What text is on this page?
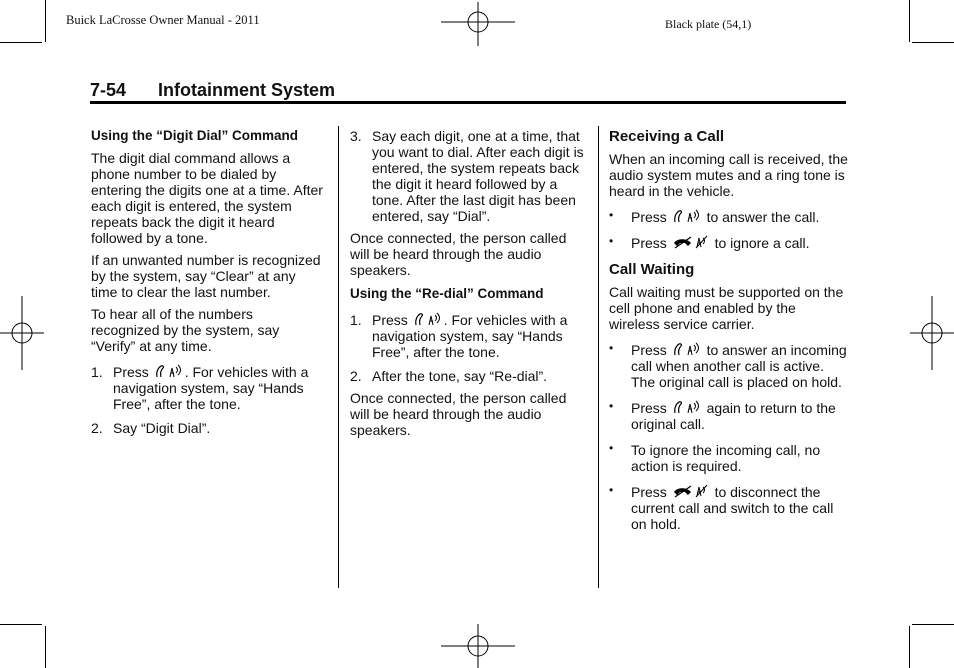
Buick LaCrosse Owner Manual - 2011	Black plate (54,1)
7-54 Infotainment System
Using the “Digit Dial” Command

The digit dial command allows a phone number to be dialed by entering the digits one at a time. After each digit is entered, the system repeats back the digit it heard followed by a tone.

If an unwanted number is recognized by the system, say “Clear” at any time to clear the last number.

To hear all of the numbers recognized by the system, say “Verify” at any time.

1. Press	. For vehicles with a navigation system, say “Hands Free”, after the tone.
2. Say “Digit Dial”.
3. Say each digit, one at a time, that you want to dial. After each digit is entered, the system repeats back the digit it heard followed by a tone. After the last digit has been entered, say “Dial”.

Once connected, the person called will be heard through the audio speakers.

Using the “Re-dial” Command
1. Press	. For vehicles with a navigation system, say “Hands Free”, after the tone.
2. After the tone, say “Re-dial”.

Once connected, the person called will be heard through the audio speakers.

Receiving a Call

When an incoming call is received, the audio system mutes and a ring tone is heard in the vehicle.

• Press	to answer the call.
• Press	to ignore a call.
Call Waiting

Call waiting must be supported on the cell phone and enabled by the wireless service carrier.

• Press	to answer an incoming call when another call is active. The original call is placed on hold.
• Press	again to return to the original call.
• To ignore the incoming call, no action is required.
• Press	to disconnect the current call and switch to the call on hold.
